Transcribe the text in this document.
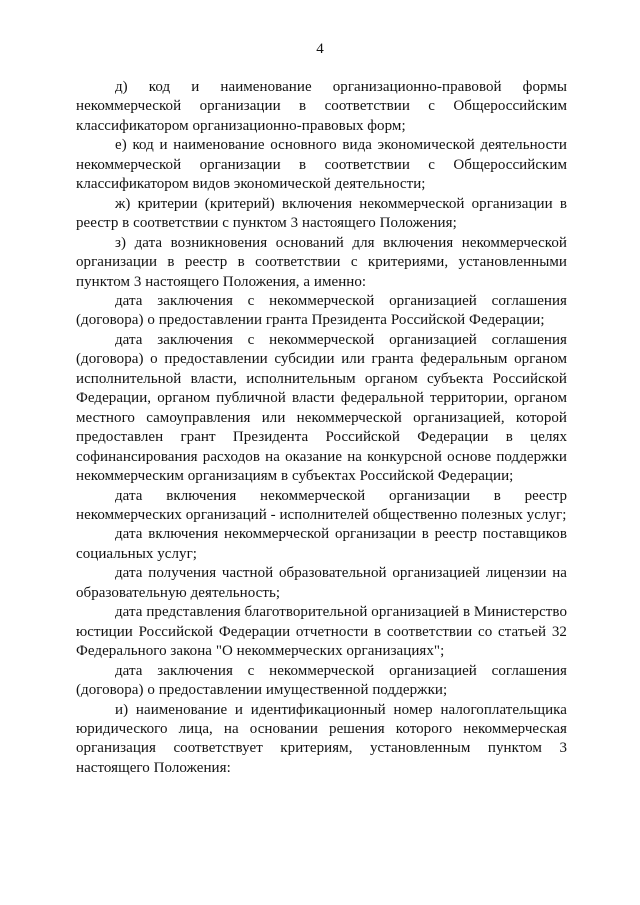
4

д) код и наименование организационно-правовой формы некоммерческой организации в соответствии с Общероссийским классификатором организационно-правовых форм;

е) код и наименование основного вида экономической деятельности некоммерческой организации в соответствии с Общероссийским классификатором видов экономической деятельности;

ж) критерии (критерий) включения некоммерческой организации в реестр в соответствии с пунктом 3 настоящего Положения;

з) дата возникновения оснований для включения некоммерческой организации в реестр в соответствии с критериями, установленными пунктом 3 настоящего Положения, а именно:

дата заключения с некоммерческой организацией соглашения (договора) о предоставлении гранта Президента Российской Федерации;

дата заключения с некоммерческой организацией соглашения (договора) о предоставлении субсидии или гранта федеральным органом исполнительной власти, исполнительным органом субъекта Российской Федерации, органом публичной власти федеральной территории, органом местного самоуправления или некоммерческой организацией, которой предоставлен грант Президента Российской Федерации в целях софинансирования расходов на оказание на конкурсной основе поддержки некоммерческим организациям в субъектах Российской Федерации;

дата включения некоммерческой организации в реестр некоммерческих организаций - исполнителей общественно полезных услуг;

дата включения некоммерческой организации в реестр поставщиков социальных услуг;

дата получения частной образовательной организацией лицензии на образовательную деятельность;

дата представления благотворительной организацией в Министерство юстиции Российской Федерации отчетности в соответствии со статьей 32 Федерального закона "О некоммерческих организациях";

дата заключения с некоммерческой организацией соглашения (договора) о предоставлении имущественной поддержки;

и) наименование и идентификационный номер налогоплательщика юридического лица, на основании решения которого некоммерческая организация соответствует критериям, установленным пунктом 3 настоящего Положения:
